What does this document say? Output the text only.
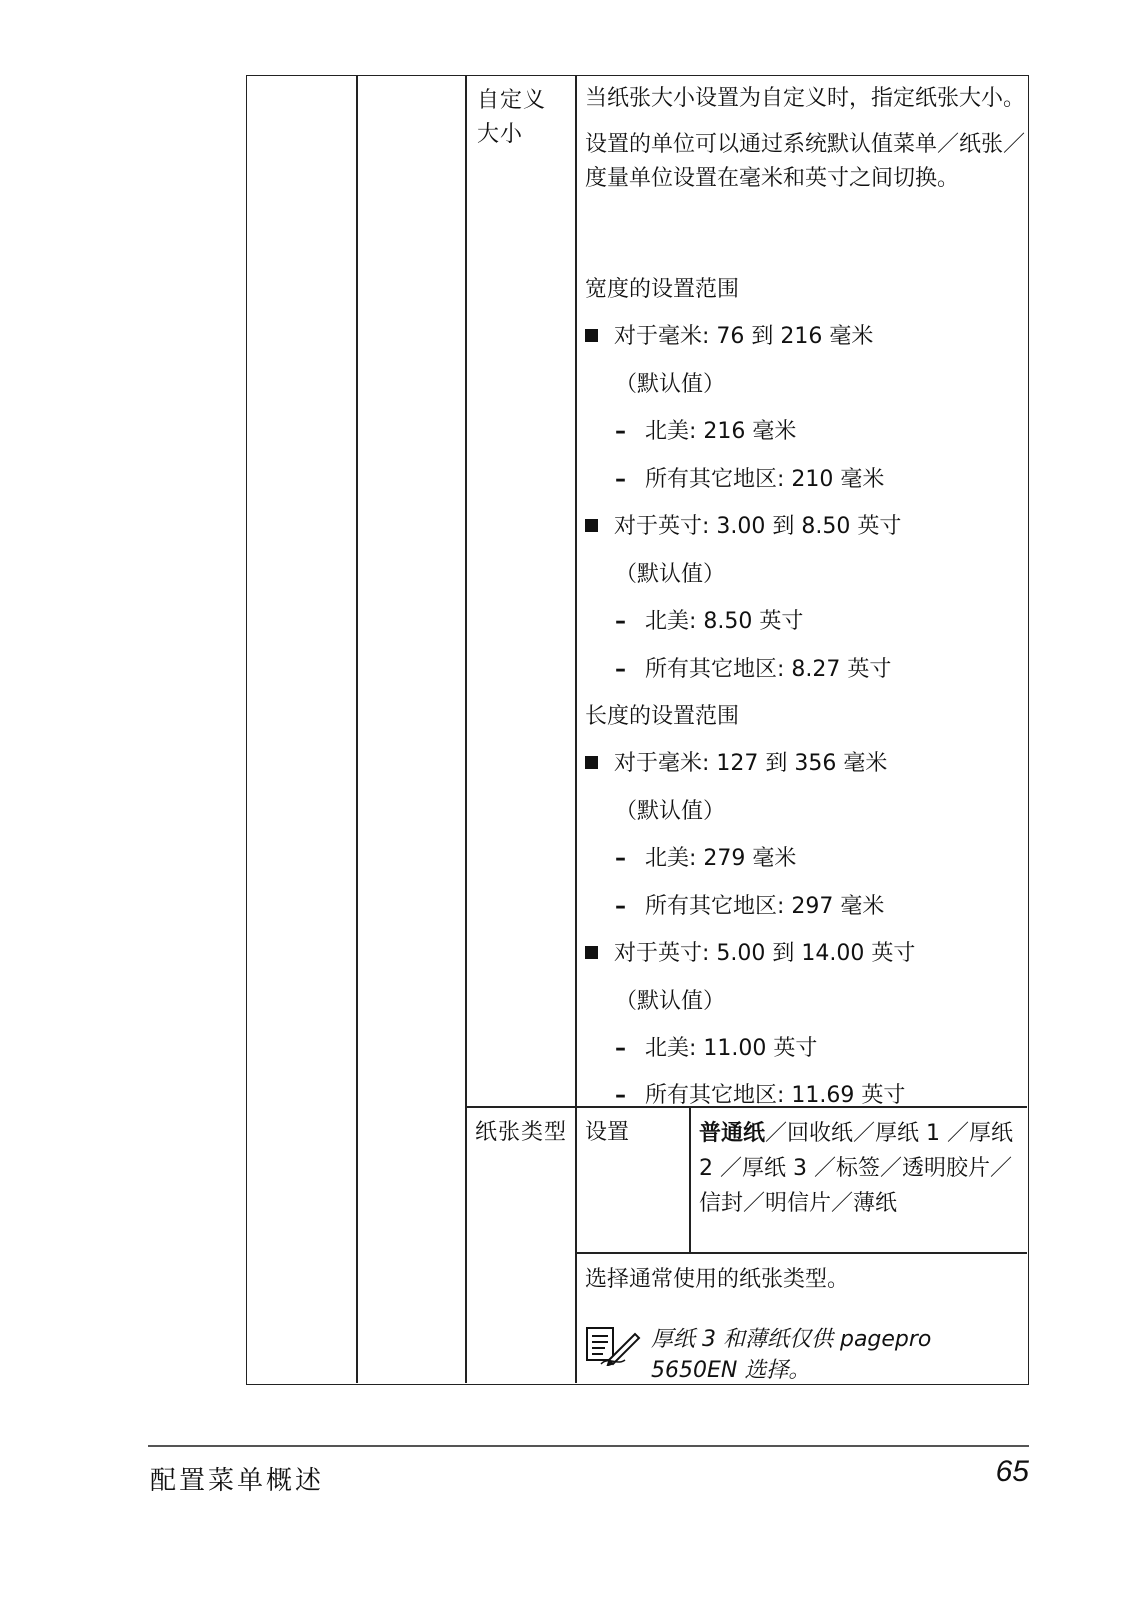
自定义大小

当纸张大小设置为自定义时，指定纸张大小。

设置的单位可以通过系统默认值菜单／纸张／度量单位设置在毫米和英寸之间切换。

宽度的设置范围
对于毫米: 76 到 216 毫米
（默认值）
– 北美: 216 毫米
– 所有其它地区: 210 毫米
对于英寸: 3.00 到 8.50 英寸
（默认值）
– 北美: 8.50 英寸
– 所有其它地区: 8.27 英寸
长度的设置范围
对于毫米: 127 到 356 毫米
（默认值）
– 北美: 279 毫米
– 所有其它地区: 297 毫米
对于英寸: 5.00 到 14.00 英寸
（默认值）
– 北美: 11.00 英寸
– 所有其它地区: 11.69 英寸
纸张类型 设置	普通纸／回收纸／厚纸 1 ／厚纸 2 ／厚纸 3 ／标签／透明胶片／信封／明信片／薄纸
选择通常使用的纸张类型。
厚纸 3 和薄纸仅供 pagepro 5650EN 选择。
配置菜单概述	65
